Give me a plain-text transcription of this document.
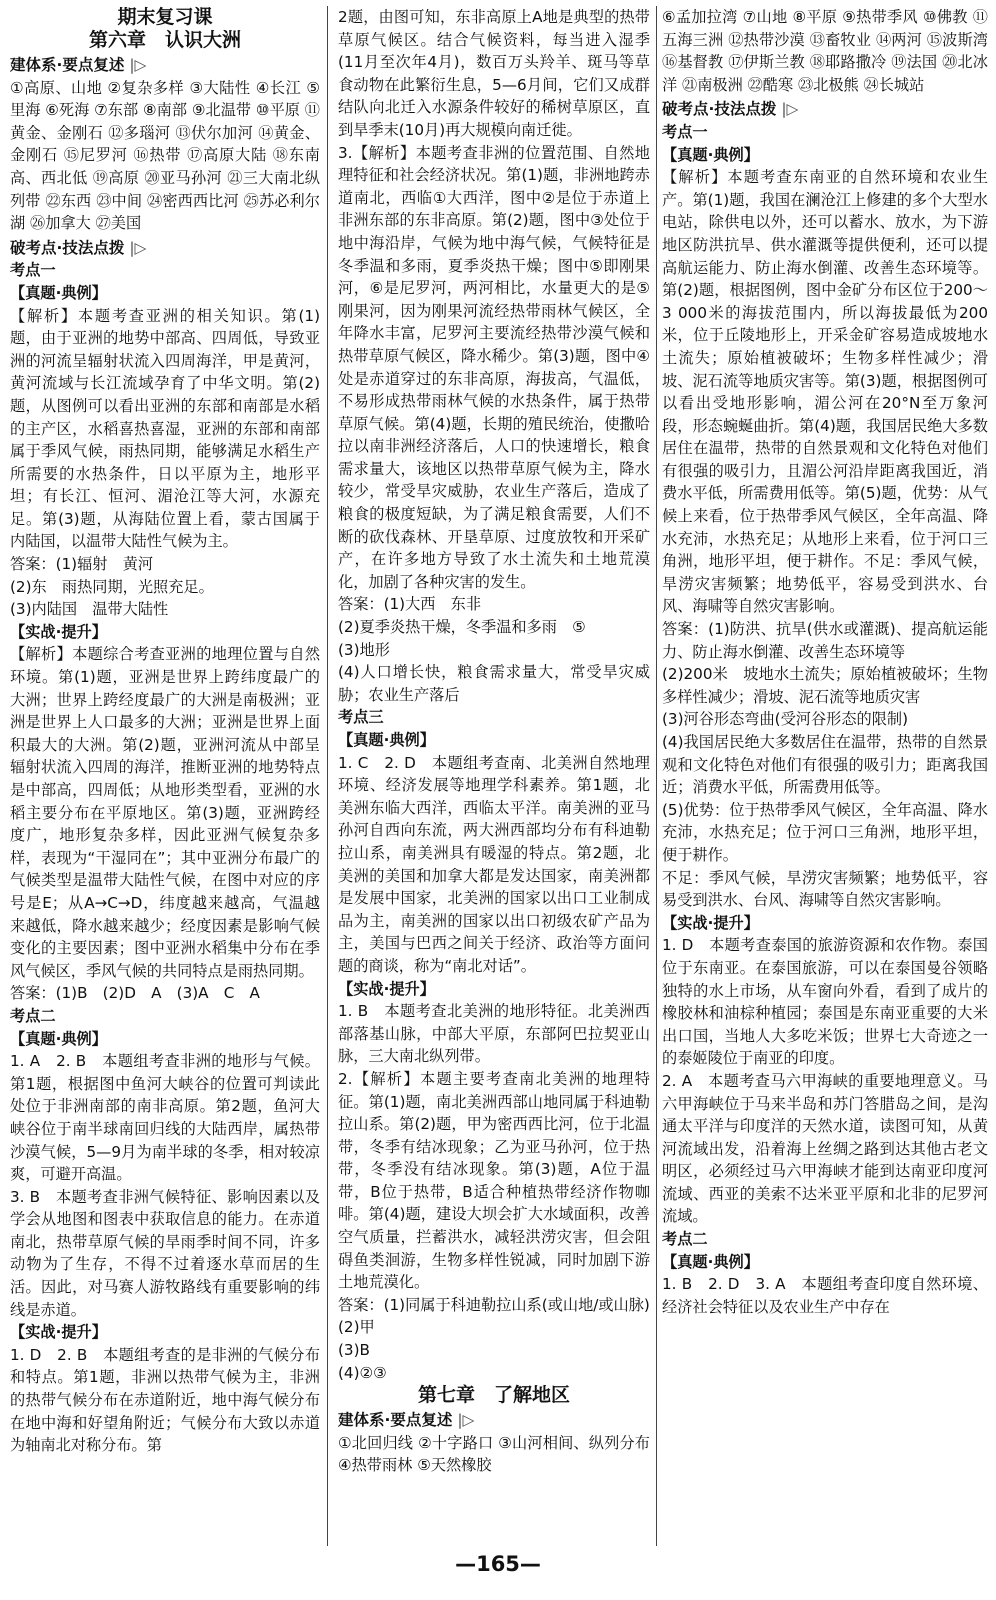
期末复习课

第六章　认识大洲

建体系·要点复述 |▷

①高原、山地 ②复杂多样 ③大陆性 ④长江 ⑤里海 ⑥死海 ⑦东部 ⑧南部 ⑨北温带 ⑩平原 ⑪黄金、金刚石 ⑫多瑙河 ⑬伏尔加河 ⑭黄金、金刚石 ⑮尼罗河 ⑯热带 ⑰高原大陆 ⑱东南高、西北低 ⑲高原 ⑳亚马孙河 ㉑三大南北纵列带 ㉒东西 ㉓中间 ㉔密西西比河 ㉕苏必利尔湖 ㉖加拿大 ㉗美国

破考点·技法点拨 |▷

考点一

【真题·典例】

【解析】本题考查亚洲的相关知识。第(1)题，由于亚洲的地势中部高、四周低，导致亚洲的河流呈辐射状流入四周海洋，甲是黄河，黄河流域与长江流域孕育了中华文明。第(2)题，从图例可以看出亚洲的东部和南部是水稻的主产区，水稻喜热喜湿，亚洲的东部和南部属于季风气候，雨热同期，能够满足水稻生产所需要的水热条件，日以平原为主，地形平坦；有长江、恒河、湄沧江等大河，水源充足。第(3)题，从海陆位置上看，蒙古国属于内陆国，以温带大陆性气候为主。

答案：(1)辐射　黄河

(2)东　雨热同期，光照充足。

(3)内陆国　温带大陆性

【实战·提升】

【解析】本题综合考查亚洲的地理位置与自然环境。第(1)题，亚洲是世界上跨纬度最广的大洲；世界上跨经度最广的大洲是南极洲；亚洲是世界上人口最多的大洲；亚洲是世界上面积最大的大洲。第(2)题，亚洲河流从中部呈辐射状流入四周的海洋，推断亚洲的地势特点是中部高，四周低；从地形类型看，亚洲的水稻主要分布在平原地区。第(3)题，亚洲跨经度广，地形复杂多样，因此亚洲气候复杂多样，表现为“干湿同在”；其中亚洲分布最广的气候类型是温带大陆性气候，在图中对应的序号是E；从A→C→D，纬度越来越高，气温越来越低，降水越来越少；经度因素是影响气候变化的主要因素；图中亚洲水稻集中分布在季风气候区，季风气候的共同特点是雨热同期。

答案：(1)B　(2)D　A　(3)A　C　A

考点二

【真题·典例】

1. A　2. B　本题组考查非洲的地形与气候。第1题，根据图中鱼河大峡谷的位置可判读此处位于非洲南部的南非高原。第2题，鱼河大峡谷位于南半球南回归线的大陆西岸，属热带沙漠气候，5—9月为南半球的冬季，相对较凉爽，可避开高温。

3. B　本题考查非洲气候特征、影响因素以及学会从地图和图表中获取信息的能力。在赤道南北，热带草原气候的旱雨季时间不同，许多动物为了生存，不得不过着逐水草而居的生活。因此，对马赛人游牧路线有重要影响的纬线是赤道。

【实战·提升】

1. D　2. B　本题组考查的是非洲的气候分布和特点。第1题，非洲以热带气候为主，非洲的热带气候分布在赤道附近，地中海气候分布在地中海和好望角附近；气候分布大致以赤道为轴南北对称分布。第

2题，由图可知，东非高原上A地是典型的热带草原气候区。结合气候资料，每当进入湿季(11月至次年4月)，数百万头羚羊、斑马等草食动物在此繁衍生息，5—6月间，它们又成群结队向北迁入水源条件较好的稀树草原区，直到旱季末(10月)再大规模向南迁徙。

3.【解析】本题考查非洲的位置范围、自然地理特征和社会经济状况。第(1)题，非洲地跨赤道南北，西临①大西洋，图中②是位于赤道上非洲东部的东非高原。第(2)题，图中③处位于地中海沿岸，气候为地中海气候，气候特征是冬季温和多雨，夏季炎热干燥；图中⑤即刚果河，⑥是尼罗河，两河相比，水量更大的是⑤刚果河，因为刚果河流经热带雨林气候区，全年降水丰富，尼罗河主要流经热带沙漠气候和热带草原气候区，降水稀少。第(3)题，图中④处是赤道穿过的东非高原，海拔高，气温低，不易形成热带雨林气候的水热条件，属于热带草原气候。第(4)题，长期的殖民统治，使撒哈拉以南非洲经济落后，人口的快速增长，粮食需求量大，该地区以热带草原气候为主，降水较少，常受旱灾威胁，农业生产落后，造成了粮食的极度短缺，为了满足粮食需要，人们不断的砍伐森林、开垦草原、过度放牧和开采矿产，在许多地方导致了水土流失和土地荒漠化，加剧了各种灾害的发生。

答案：(1)大西　东非

(2)夏季炎热干燥，冬季温和多雨　⑤

(3)地形

(4)人口增长快，粮食需求量大，常受旱灾威胁；农业生产落后

考点三

【真题·典例】

1. C　2. D　本题组考查南、北美洲自然地理环境、经济发展等地理学科素养。第1题，北美洲东临大西洋，西临太平洋。南美洲的亚马孙河自西向东流，两大洲西部均分布有科迪勒拉山系，南美洲具有暖湿的特点。第2题，北美洲的美国和加拿大都是发达国家，南美洲都是发展中国家，北美洲的国家以出口工业制成品为主，南美洲的国家以出口初级农矿产品为主，美国与巴西之间关于经济、政治等方面问题的商谈，称为“南北对话”。

【实战·提升】

1. B　本题考查北美洲的地形特征。北美洲西部落基山脉，中部大平原，东部阿巴拉契亚山脉，三大南北纵列带。

2.【解析】本题主要考查南北美洲的地理特征。第(1)题，南北美洲西部山地同属于科迪勒拉山系。第(2)题，甲为密西西比河，位于北温带，冬季有结冰现象；乙为亚马孙河，位于热带，冬季没有结冰现象。第(3)题，A位于温带，B位于热带，B适合种植热带经济作物咖啡。第(4)题，建设大坝会扩大水域面积，改善空气质量，拦蓄洪水，减轻洪涝灾害，但会阻碍鱼类洄游，生物多样性锐减，同时加剧下游土地荒漠化。

答案：(1)同属于科迪勒拉山系(或山地/或山脉)

(2)甲

(3)B

(4)②③

第七章　了解地区

建体系·要点复述 |▷

①北回归线 ②十字路口 ③山河相间、纵列分布 ④热带雨林 ⑤天然橡胶

⑥孟加拉湾 ⑦山地 ⑧平原 ⑨热带季风 ⑩佛教 ⑪五海三洲 ⑫热带沙漠 ⑬畜牧业 ⑭两河 ⑮波斯湾 ⑯基督教 ⑰伊斯兰教 ⑱耶路撒冷 ⑲法国 ⑳北冰洋 ㉑南极洲 ㉒酷寒 ㉓北极熊 ㉔长城站

破考点·技法点拨 |▷

考点一

【真题·典例】

【解析】本题考查东南亚的自然环境和农业生产。第(1)题，我国在澜沧江上修建的多个大型水电站，除供电以外，还可以蓄水、放水，为下游地区防洪抗旱、供水灌溉等提供便利，还可以提高航运能力、防止海水倒灌、改善生态环境等。第(2)题，根据图例，图中金矿分布区位于200～3 000米的海拔范围内，所以海拔最低为200米，位于丘陵地形上，开采金矿容易造成坡地水土流失；原始植被破坏；生物多样性减少；滑坡、泥石流等地质灾害等。第(3)题，根据图例可以看出受地形影响，湄公河在20°N至万象河段，形态蜿蜒曲折。第(4)题，我国居民绝大多数居住在温带，热带的自然景观和文化特色对他们有很强的吸引力，且湄公河沿岸距离我国近，消费水平低，所需费用低等。第(5)题，优势：从气候上来看，位于热带季风气候区，全年高温、降水充沛，水热充足；从地形上来看，位于河口三角洲，地形平坦，便于耕作。不足：季风气候，旱涝灾害频繁；地势低平，容易受到洪水、台风、海啸等自然灾害影响。

答案：(1)防洪、抗旱(供水或灌溉)、提高航运能力、防止海水倒灌、改善生态环境等

(2)200米　坡地水土流失；原始植被破坏；生物多样性减少；滑坡、泥石流等地质灾害

(3)河谷形态弯曲(受河谷形态的限制)

(4)我国居民绝大多数居住在温带，热带的自然景观和文化特色对他们有很强的吸引力；距离我国近；消费水平低，所需费用低等。

(5)优势：位于热带季风气候区，全年高温、降水充沛，水热充足；位于河口三角洲，地形平坦，便于耕作。

不足：季风气候，旱涝灾害频繁；地势低平，容易受到洪水、台风、海啸等自然灾害影响。

【实战·提升】

1. D　本题考查泰国的旅游资源和农作物。泰国位于东南亚。在泰国旅游，可以在泰国曼谷领略独特的水上市场，从车窗向外看，看到了成片的橡胶林和油棕种植园；泰国是东南亚重要的大米出口国，当地人大多吃米饭；世界七大奇迹之一的泰姬陵位于南亚的印度。

2. A　本题考查马六甲海峡的重要地理意义。马六甲海峡位于马来半岛和苏门答腊岛之间，是沟通太平洋与印度洋的天然水道，读图可知，从黄河流域出发，沿着海上丝绸之路到达其他古老文明区，必须经过马六甲海峡才能到达南亚印度河流域、西亚的美索不达米亚平原和北非的尼罗河流域。

考点二

【真题·典例】

1. B　2. D　3. A　本题组考查印度自然环境、经济社会特征以及农业生产中存在

—165—
